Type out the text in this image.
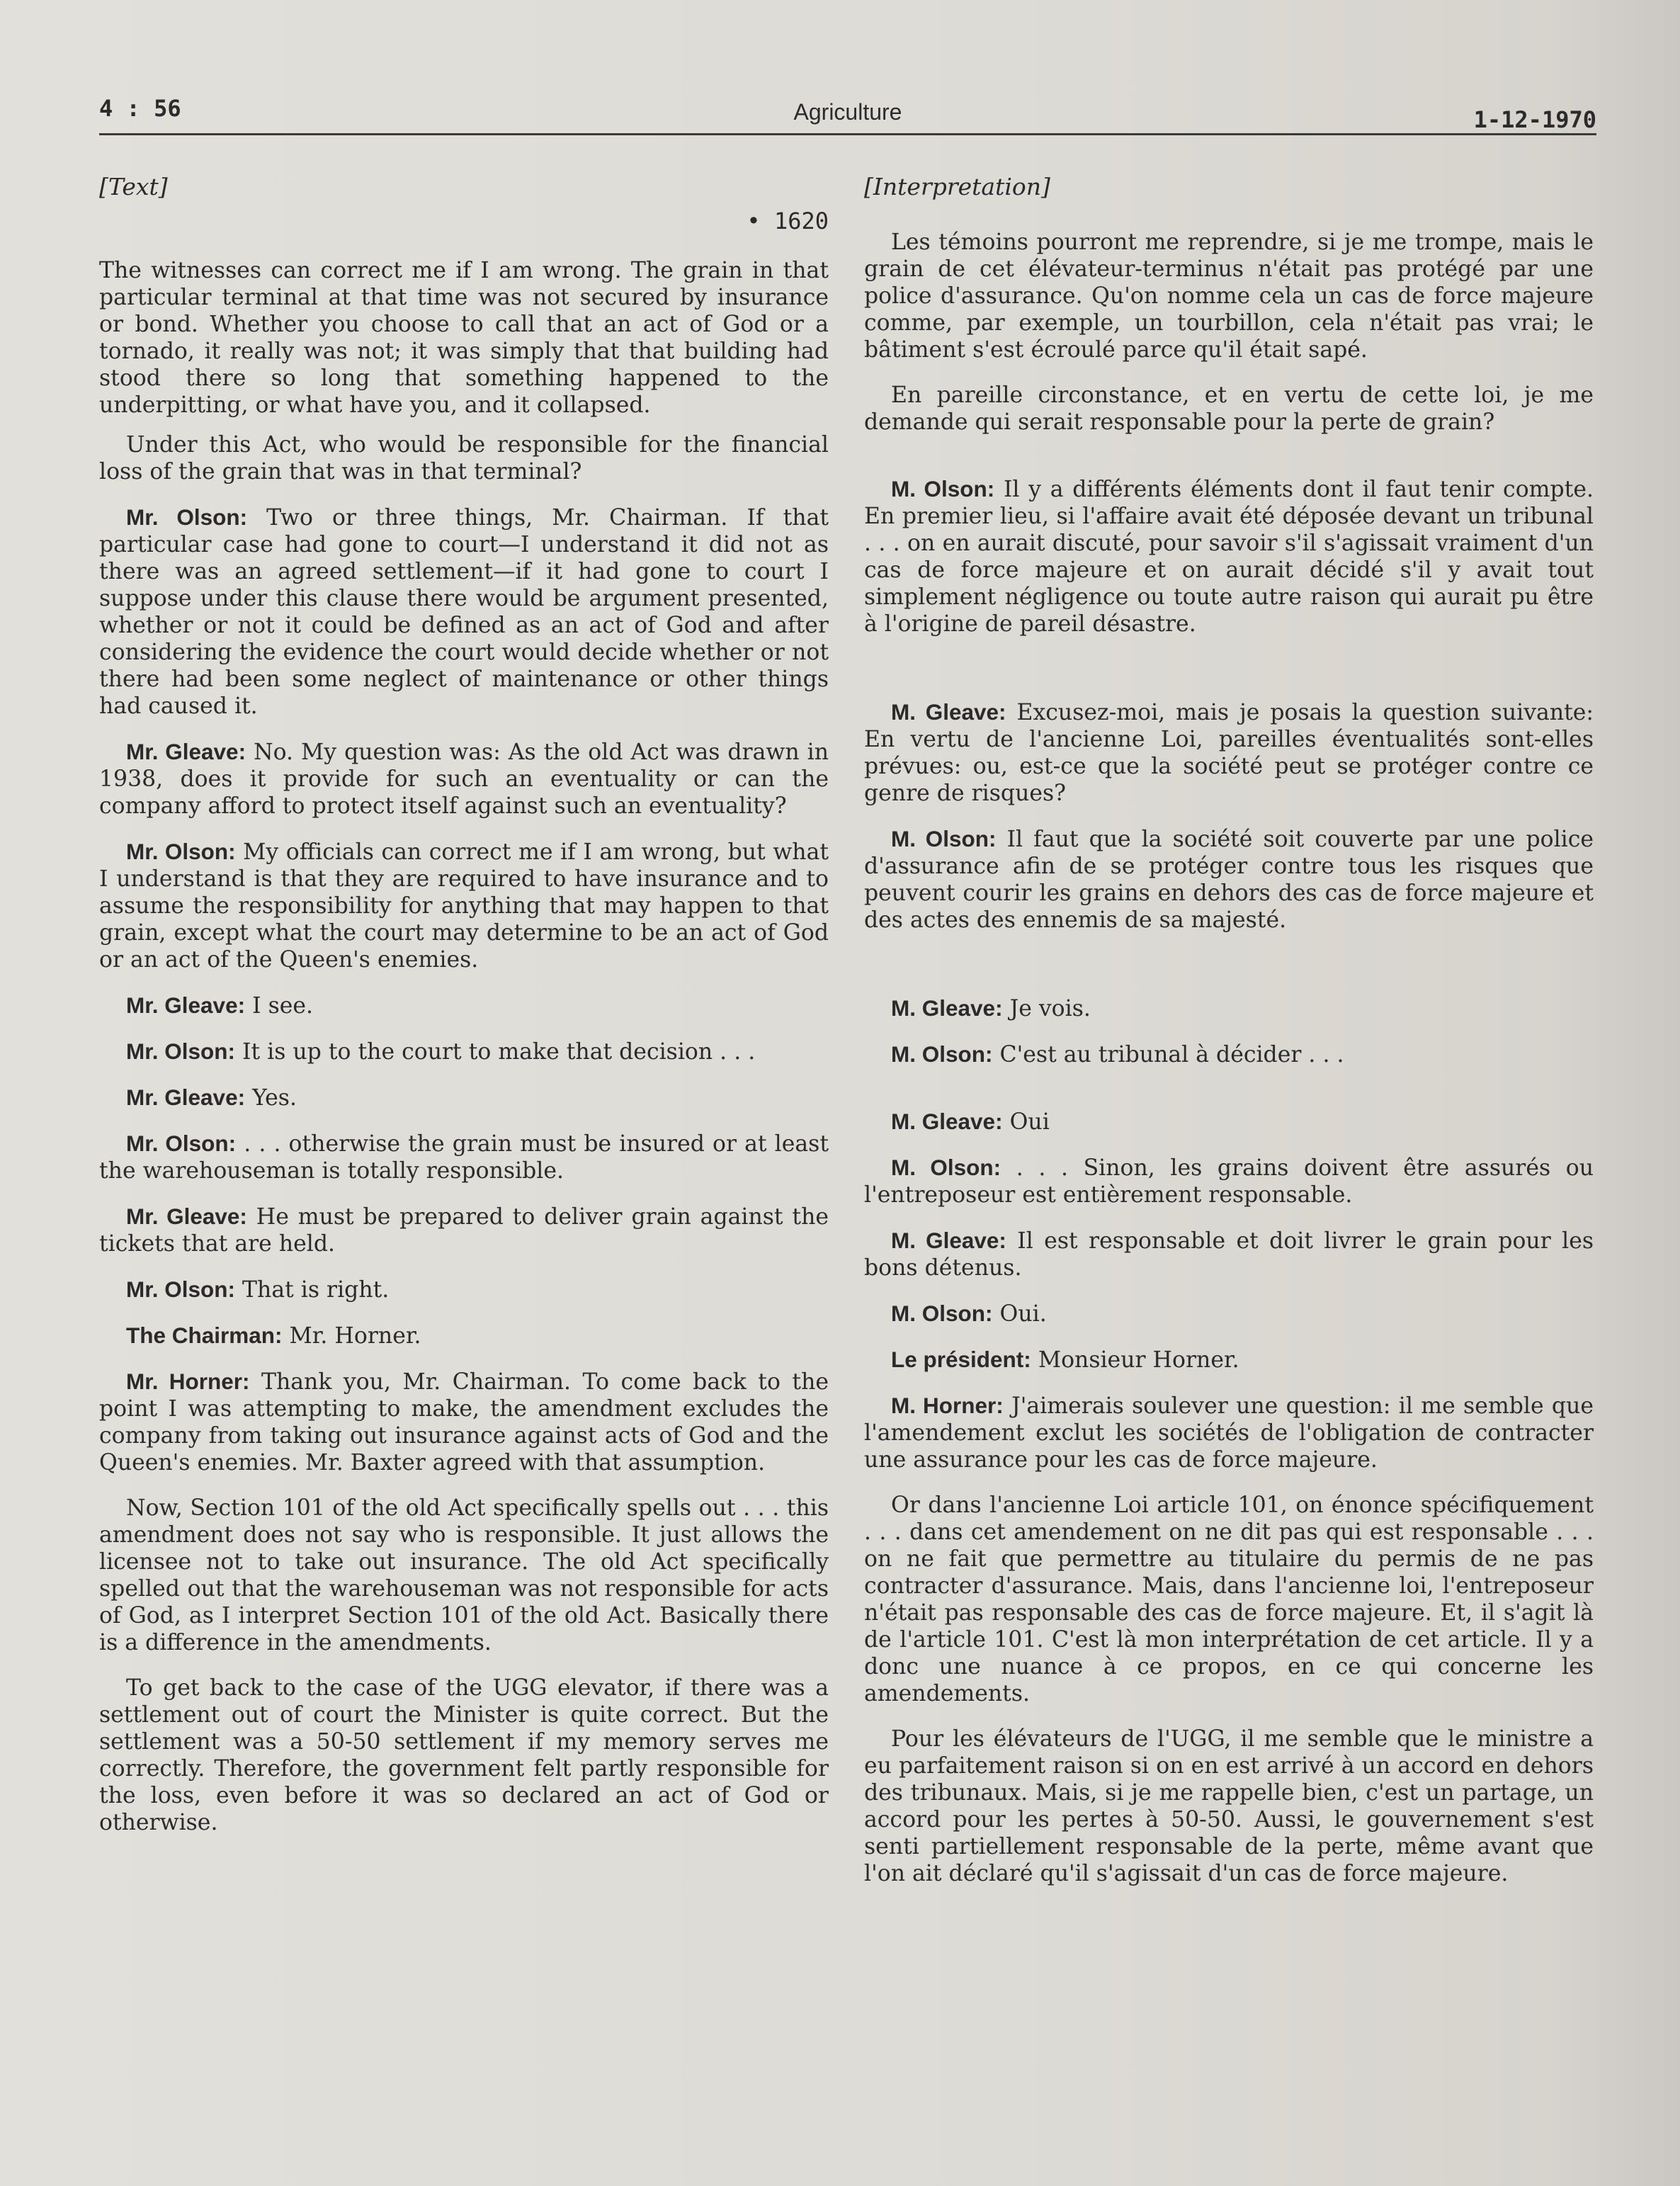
4 : 56	Agriculture	1-12-1970
[Text]
• 1620

The witnesses can correct me if I am wrong. The grain in that particular terminal at that time was not secured by insurance or bond. Whether you choose to call that an act of God or a tornado, it really was not; it was simply that that building had stood there so long that something happened to the underpitting, or what have you, and it collapsed.

Under this Act, who would be responsible for the financial loss of the grain that was in that terminal?

Mr. Olson: Two or three things, Mr. Chairman. If that particular case had gone to court—I understand it did not as there was an agreed settlement—if it had gone to court I suppose under this clause there would be argument presented, whether or not it could be defined as an act of God and after considering the evidence the court would decide whether or not there had been some neglect of maintenance or other things had caused it.

Mr. Gleave: No. My question was: As the old Act was drawn in 1938, does it provide for such an eventuality or can the company afford to protect itself against such an eventuality?

Mr. Olson: My officials can correct me if I am wrong, but what I understand is that they are required to have insurance and to assume the responsibility for anything that may happen to that grain, except what the court may determine to be an act of God or an act of the Queen's enemies.

Mr. Gleave: I see.

Mr. Olson: It is up to the court to make that decision . . .

Mr. Gleave: Yes.

Mr. Olson: . . . otherwise the grain must be insured or at least the warehouseman is totally responsible.

Mr. Gleave: He must be prepared to deliver grain against the tickets that are held.

Mr. Olson: That is right.

The Chairman: Mr. Horner.

Mr. Horner: Thank you, Mr. Chairman. To come back to the point I was attempting to make, the amendment excludes the company from taking out insurance against acts of God and the Queen's enemies. Mr. Baxter agreed with that assumption.

Now, Section 101 of the old Act specifically spells out . . . this amendment does not say who is responsible. It just allows the licensee not to take out insurance. The old Act specifically spelled out that the warehouseman was not responsible for acts of God, as I interpret Section 101 of the old Act. Basically there is a difference in the amendments.

To get back to the case of the UGG elevator, if there was a settlement out of court the Minister is quite correct. But the settlement was a 50-50 settlement if my memory serves me correctly. Therefore, the government felt partly responsible for the loss, even before it was so declared an act of God or otherwise.

[Interpretation]

Les témoins pourront me reprendre, si je me trompe, mais le grain de cet élévateur-terminus n'était pas protégé par une police d'assurance. Qu'on nomme cela un cas de force majeure comme, par exemple, un tourbillon, cela n'était pas vrai; le bâtiment s'est écroulé parce qu'il était sapé.

En pareille circonstance, et en vertu de cette loi, je me demande qui serait responsable pour la perte de grain?

M. Olson: Il y a différents éléments dont il faut tenir compte. En premier lieu, si l'affaire avait été déposée devant un tribunal . . . on en aurait discuté, pour savoir s'il s'agissait vraiment d'un cas de force majeure et on aurait décidé s'il y avait tout simplement négligence ou toute autre raison qui aurait pu être à l'origine de pareil désastre.

M. Gleave: Excusez-moi, mais je posais la question suivante: En vertu de l'ancienne Loi, pareilles éventualités sont-elles prévues: ou, est-ce que la société peut se protéger contre ce genre de risques?

M. Olson: Il faut que la société soit couverte par une police d'assurance afin de se protéger contre tous les risques que peuvent courir les grains en dehors des cas de force majeure et des actes des ennemis de sa majesté.

M. Gleave: Je vois.

M. Olson: C'est au tribunal à décider . . .

M. Gleave: Oui

M. Olson: . . . Sinon, les grains doivent être assurés ou l'entreposeur est entièrement responsable.

M. Gleave: Il est responsable et doit livrer le grain pour les bons détenus.

M. Olson: Oui.

Le président: Monsieur Horner.

M. Horner: J'aimerais soulever une question: il me semble que l'amendement exclut les sociétés de l'obligation de contracter une assurance pour les cas de force majeure.

Or dans l'ancienne Loi article 101, on énonce spécifiquement . . . dans cet amendement on ne dit pas qui est responsable . . . on ne fait que permettre au titulaire du permis de ne pas contracter d'assurance. Mais, dans l'ancienne loi, l'entreposeur n'était pas responsable des cas de force majeure. Et, il s'agit là de l'article 101. C'est là mon interprétation de cet article. Il y a donc une nuance à ce propos, en ce qui concerne les amendements.

Pour les élévateurs de l'UGG, il me semble que le ministre a eu parfaitement raison si on en est arrivé à un accord en dehors des tribunaux. Mais, si je me rappelle bien, c'est un partage, un accord pour les pertes à 50-50. Aussi, le gouvernement s'est senti partiellement responsable de la perte, même avant que l'on ait déclaré qu'il s'agissait d'un cas de force majeure.
